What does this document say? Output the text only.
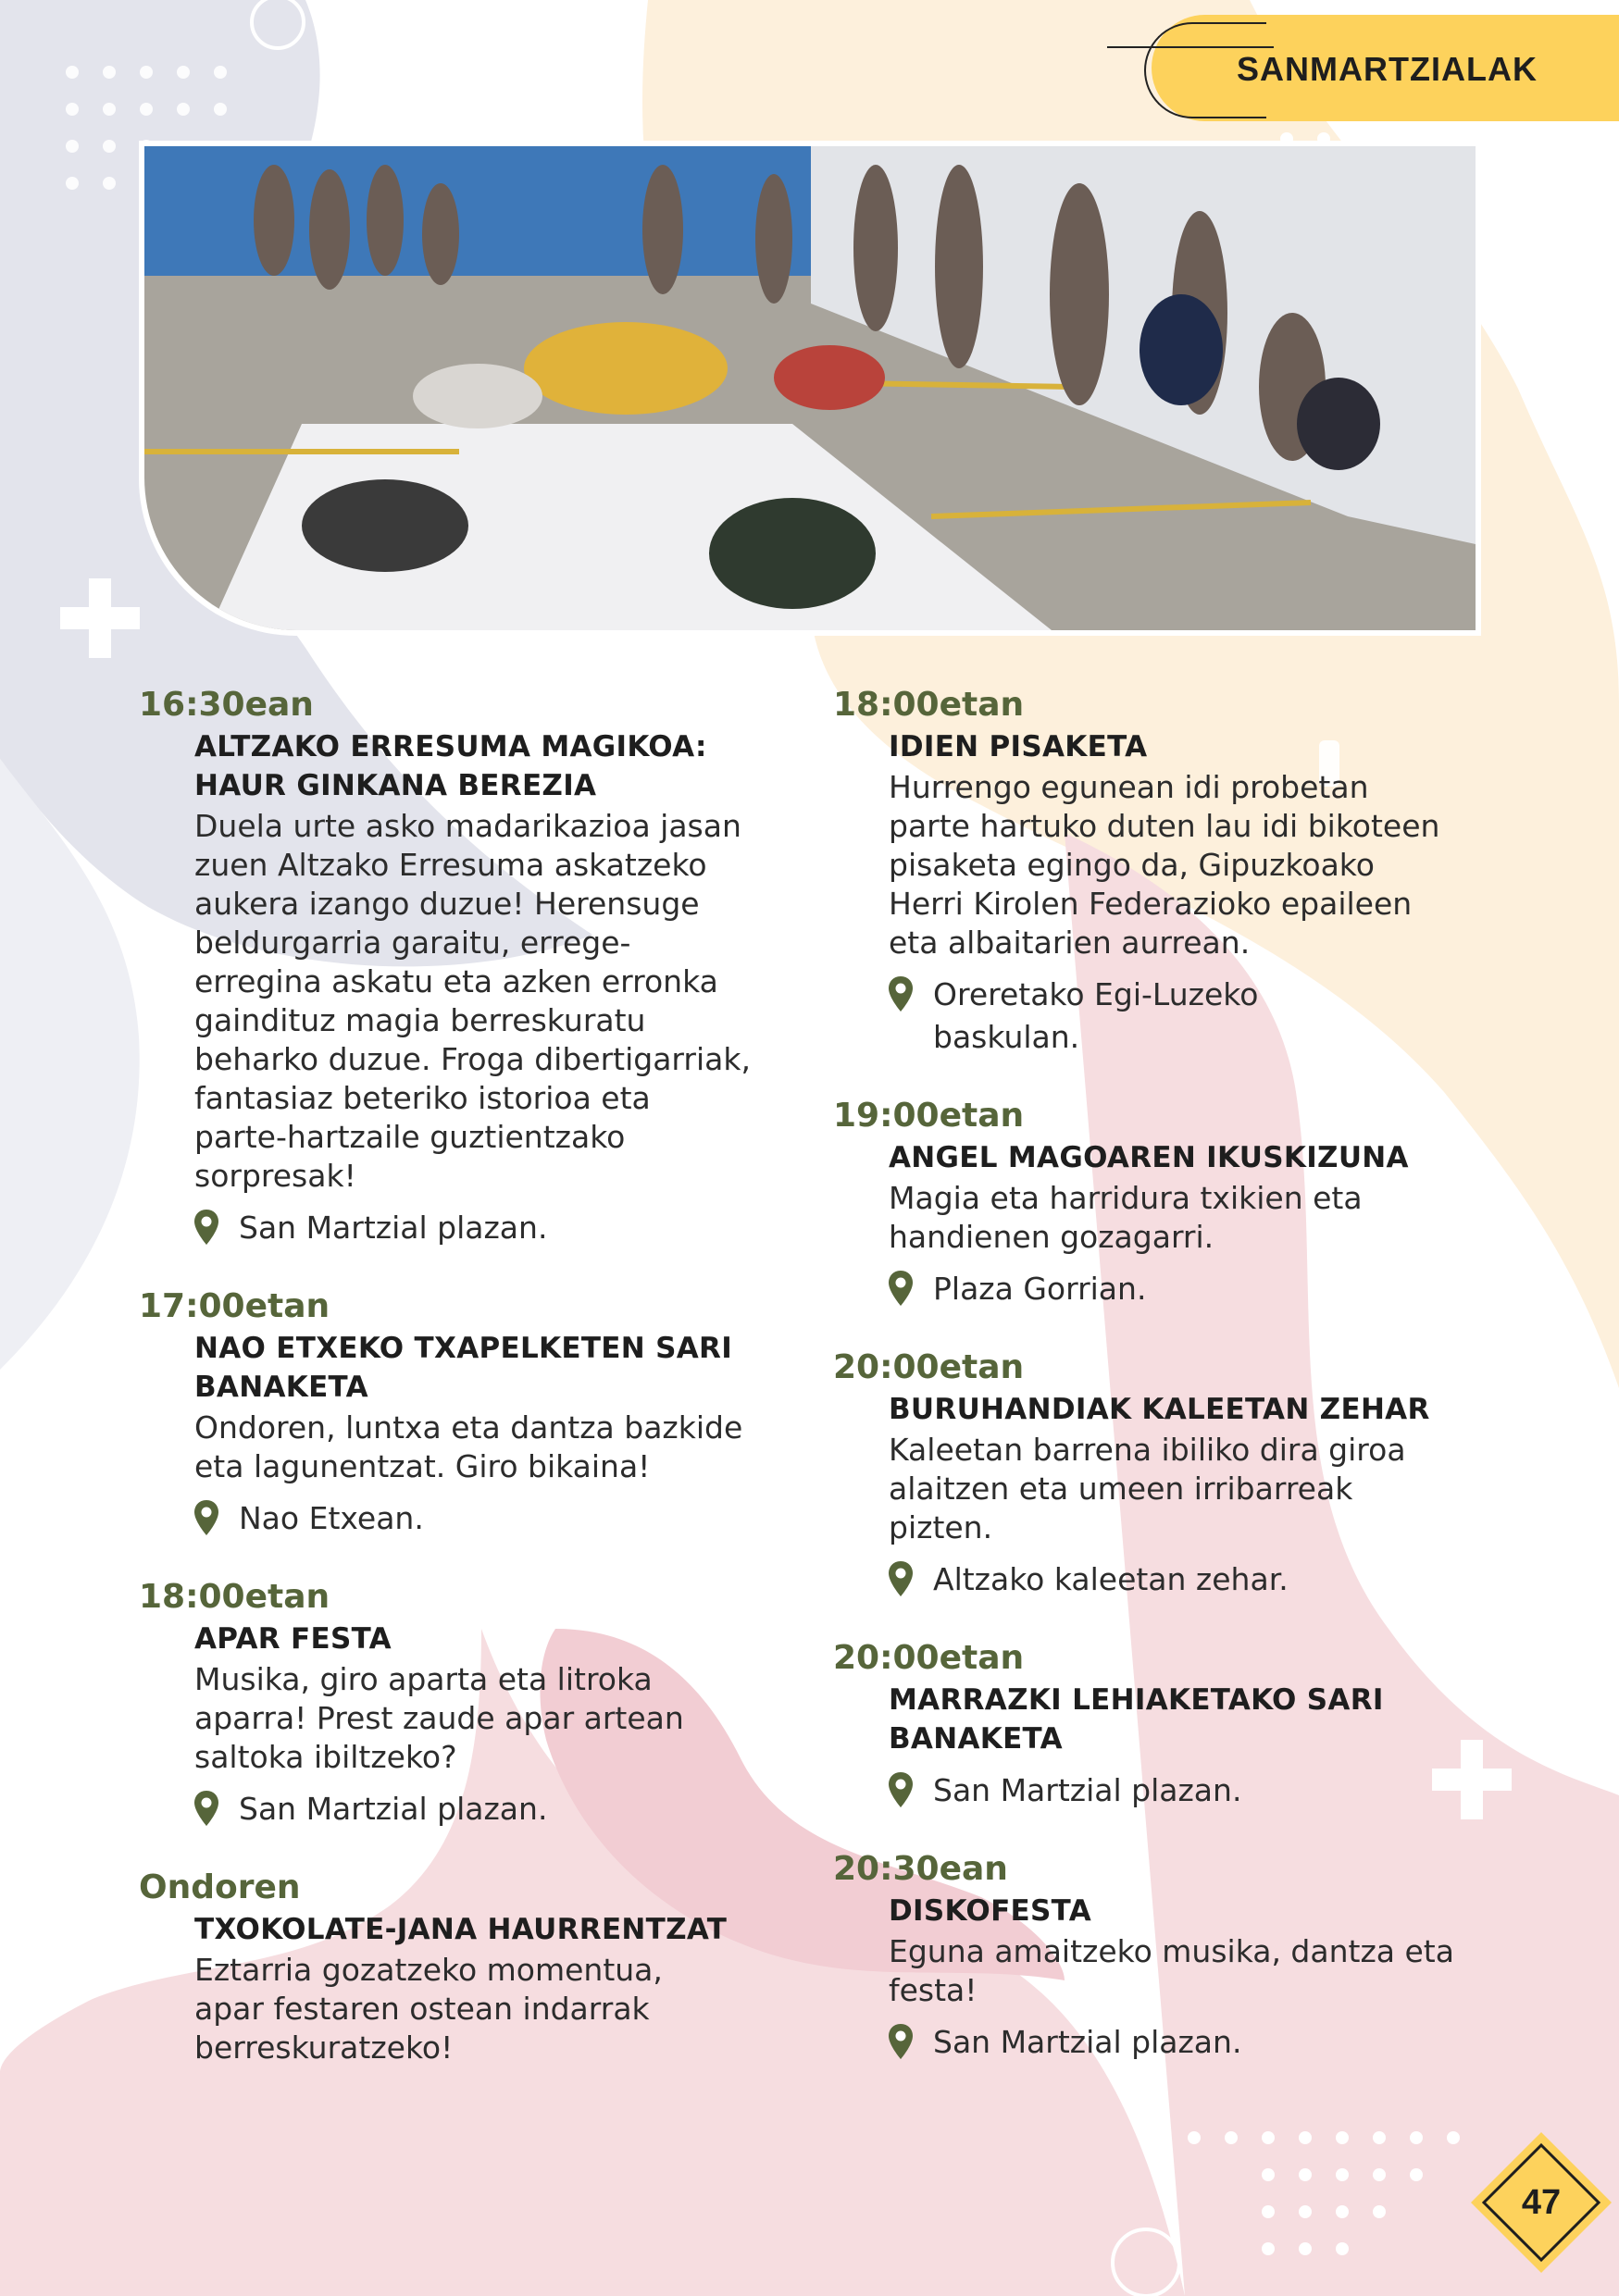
SANMARTZIALAK
16:30ean
ALTZAKO ERRESUMA MAGIKOA:
HAUR GINKANA BEREZIA
Duela urte asko madarikazioa jasan
zuen Altzako Erresuma askatzeko
aukera izango duzue! Herensuge
beldurgarria garaitu, errege-
erregina askatu eta azken erronka
gaindituz magia berreskuratu
beharko duzue. Froga dibertigarriak,
fantasiaz beteriko istorioa eta
parte-hartzaile guztientzako
sorpresak!
San Martzial plazan.
17:00etan
NAO ETXEKO TXAPELKETEN SARI
BANAKETA
Ondoren, luntxa eta dantza bazkide
eta lagunentzat. Giro bikaina!
Nao Etxean.
18:00etan
APAR FESTA
Musika, giro aparta eta litroka
aparra! Prest zaude apar artean
saltoka ibiltzeko?
San Martzial plazan.
Ondoren
TXOKOLATE-JANA HAURRENTZAT
Eztarria gozatzeko momentua,
apar festaren ostean indarrak
berreskuratzeko!
18:00etan
IDIEN PISAKETA
Hurrengo egunean idi probetan
parte hartuko duten lau idi bikoteen
pisaketa egingo da, Gipuzkoako
Herri Kirolen Federazioko epaileen
eta albaitarien aurrean.
Oreretako Egi-Luzeko
baskulan.
19:00etan
ANGEL MAGOAREN IKUSKIZUNA
Magia eta harridura txikien eta
handienen gozagarri.
Plaza Gorrian.
20:00etan
BURUHANDIAK KALEETAN ZEHAR
Kaleetan barrena ibiliko dira giroa
alaitzen eta umeen irribarreak
pizten.
Altzako kaleetan zehar.
20:00etan
MARRAZKI LEHIAKETAKO SARI
BANAKETA
San Martzial plazan.
20:30ean
DISKOFESTA
Eguna amaitzeko musika, dantza eta
festa!
San Martzial plazan.
47
